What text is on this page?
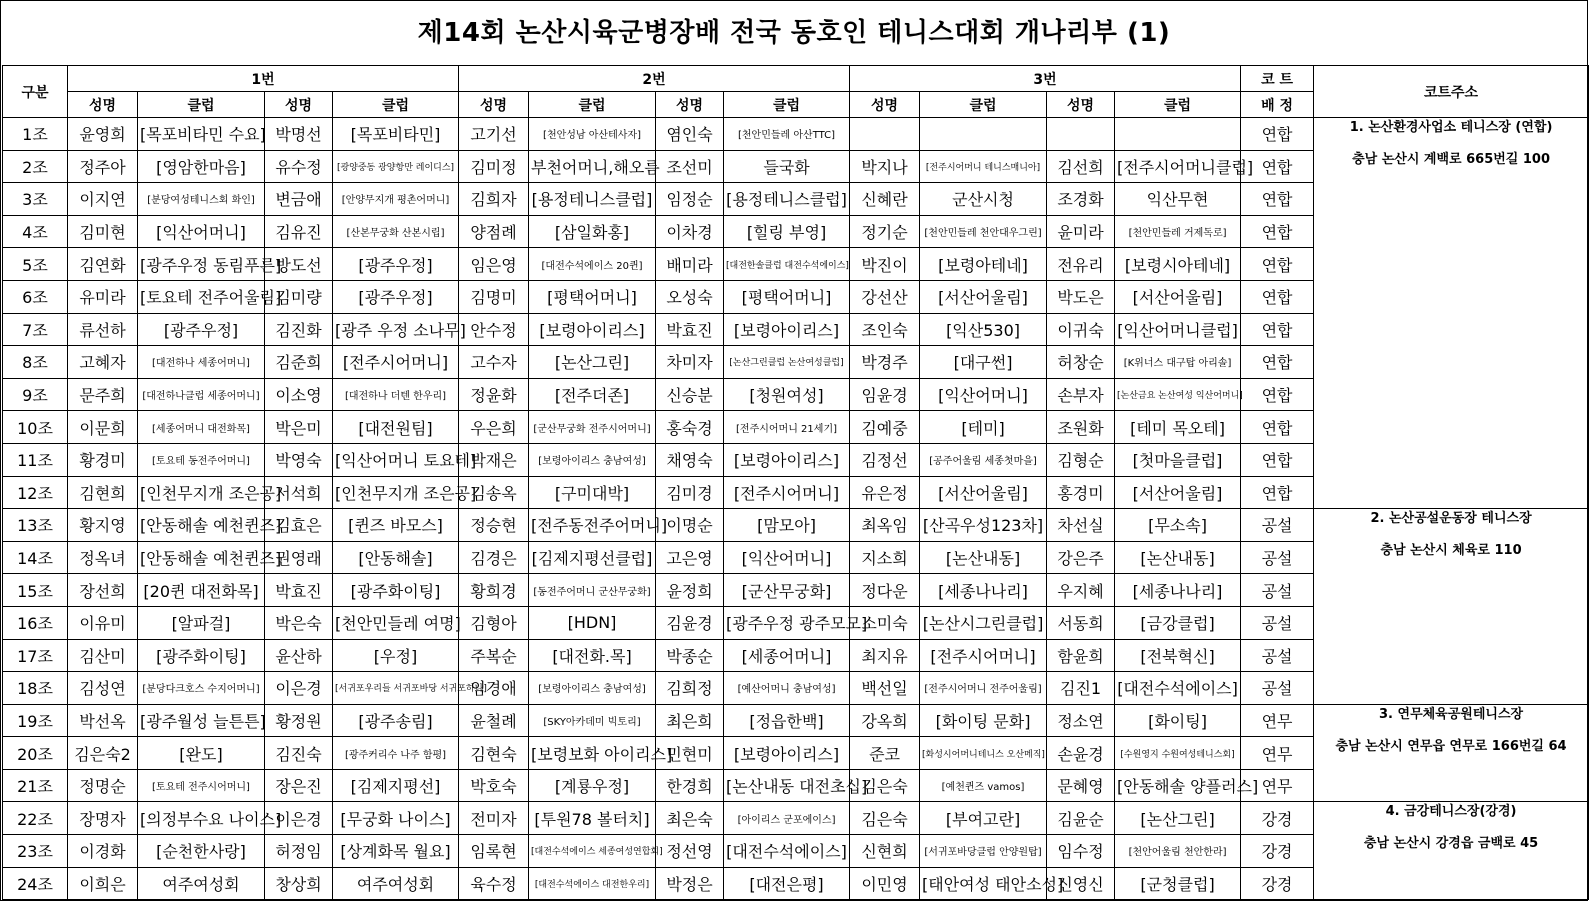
제14회 논산시육군병장배 전국 동호인 테니스대회 개나리부 (1)
구분	1번				2번				3번				코 트	코트주소
	성명	클럽	성명	클럽	성명	클럽	성명	클럽	성명	클럽	성명	클럽	배 정	
1조	윤영희	[목포비타민 수요]	박명선	[목포비타민]	고기선	[천안성남 아산테사자]	염인숙	[천안민들레 아산TTC]					연합	1. 논산환경사업소 테니스장 (연합)
충남 논산시 계백로 665번길 100

2조	정주아	[영암한마음]	유수정	[광양중동 광양항만 레이디스]	김미정	부천어머니,해오름	조선미	들국화	박지나	[전주시어머니 테니스매니아]	김선희	[전주시어머니클럽]	연합	
3조	이지연	[분당여성테니스회 화인]	변금애	[안양무지개 평촌어머니]	김희자	[용정테니스클럽]	임정순	[용정테니스클럽]	신혜란	군산시청	조경화	익산무현	연합	
4조	김미현	[익산어머니]	김유진	[산본무궁화 산본시립]	양점례	[삼일화홍]	이차경	[힐링 부영]	정기순	[천안민들레 천안대우그린]	윤미라	[천안민들레 거제독로]	연합	
5조	김연화	[광주우정 동림푸른]	방도선	[광주우정]	임은영	[대전수석에이스 20퀸]	배미라	[대전한솔클럽 대전수석에이스]	박진이	[보령아테네]	전유리	[보령시아테네]	연합	
6조	유미라	[토요테 전주어울림]	김미량	[광주우정]	김명미	[평택어머니]	오성숙	[평택어머니]	강선산	[서산어울림]	박도은	[서산어울림]	연합	
7조	류선하	[광주우정]	김진화	[광주 우정 소나무]	안수정	[보령아이리스]	박효진	[보령아이리스]	조인숙	[익산530]	이귀숙	[익산어머니클럽]	연합	
8조	고혜자	[대전하나 세종어머니]	김준희	[전주시어머니]	고수자	[논산그린]	차미자	[논산그린클럽 논산여성클럽]	박경주	[대구썬]	허창순	[K위너스 대구탑 아리솔]	연합	
9조	문주희	[대전하나클럽 세종어머니]	이소영	[대전하나 더텐 한우리]	정윤화	[전주더존]	신승분	[청원여성]	임윤경	[익산어머니]	손부자	[논산금요 논산여성 익산어머니]	연합	
10조	이문희	[세종어머니 대전화목]	박은미	[대전원팀]	우은희	[군산무궁화 전주시어머니]	홍숙경	[전주시어머니 21세기]	김예중	[테미]	조원화	[테미 목오테]	연합	
11조	황경미	[토요테 동전주어머니]	박영숙	[익산어머니 토요테]	박재은	[보령아이리스 충남여성]	채영숙	[보령아이리스]	김정선	[공주어울림 세종첫마을]	김형순	[첫마을클럽]	연합	
12조	김현희	[인천무지개 조은공]	서석희	[인천무지개 조은공]	김송옥	[구미대박]	김미경	[전주시어머니]	유은정	[서산어울림]	홍경미	[서산어울림]	연합	
13조	황지영	[안동해솔 예천퀸즈]	김효은	[퀸즈 바모스]	정승현	[전주동전주어머니]	이명순	[맘모아]	최옥임	[산곡우성123차]	차선실	[무소속]	공설	2. 논산공설운동장 테니스장
충남 논산시 체육로 110

14조	정옥녀	[안동해솔 예천퀸즈]	권영래	[안동해솔]	김경은	[김제지평선클럽]	고은영	[익산어머니]	지소희	[논산내동]	강은주	[논산내동]	공설	
15조	장선희	[20퀸 대전화목]	박효진	[광주화이팅]	황희경	[동전주어머니 군산무궁화]	윤정희	[군산무궁화]	정다운	[세종나나리]	우지혜	[세종나나리]	공설	
16조	이유미	[알파걸]	박은숙	[천안민들레 여명]	김형아	[HDN]	김윤경	[광주우정 광주모모]	소미숙	[논산시그린클럽]	서동희	[금강클럽]	공설	
17조	김산미	[광주화이팅]	윤산하	[우정]	주복순	[대전화.목]	박종순	[세종어머니]	최지유	[전주시어머니]	함윤희	[전북혁신]	공설	
18조	김성연	[분당다크호스 수지어머니]	이은경	[서귀포우리들 서귀포바당 서귀포하나]	임경애	[보령아이리스 충남여성]	김희정	[예산어머니 충남여성]	백선일	[전주시어머니 전주어울림]	김진1	[대전수석에이스]	공설	
19조	박선옥	[광주월성 늘튼튼]	황정원	[광주송림]	윤철례	[SKY아카데미 빅토리]	최은희	[정읍한백]	강옥희	[화이팅 문화]	정소연	[화이팅]	연무	3. 연무체육공원테니스장
충남 논산시 연무읍 연무로 166번길 64

20조	김은숙2	[완도]	김진숙	[광주커리수 나주 함평]	김현숙	[보령보화 아이리스]	민현미	[보령아이리스]	준코	[화성시어머니테니스 오산메직]	손윤경	[수원영지 수원여성테니스회]	연무	
21조	정명순	[토요테 전주시어머니]	장은진	[김제지평선]	박호숙	[계룡우정]	한경희	[논산내동 대전초십]	김은숙	[예천퀸즈 vamos]	문혜영	[안동해솔 양플러스]	연무	
22조	장명자	[의정부수요 나이스]	이은경	[무궁화 나이스]	전미자	[투원78 볼터치]	최은숙	[아이리스 군포에이스]	김은숙	[부여고란]	김윤순	[논산그린]	강경	4. 금강테니스장(강경)
충남 논산시 강경읍 금백로 45

23조	이경화	[순천한사랑]	허정임	[상계화목 월요]	임록현	[대전수석에이스 세종여성연합회]	정선영	[대전수석에이스]	신현희	[서귀포바당클럽 안양원탑]	임수정	[천안어울림 천안한라]	강경	
24조	이희은	여주여성회	창상희	여주여성회	육수정	[대전수석에이스 대전한우리]	박정은	[대전은평]	이민영	[태안여성 태안소성]	신영신	[군청클럽]	강경	
